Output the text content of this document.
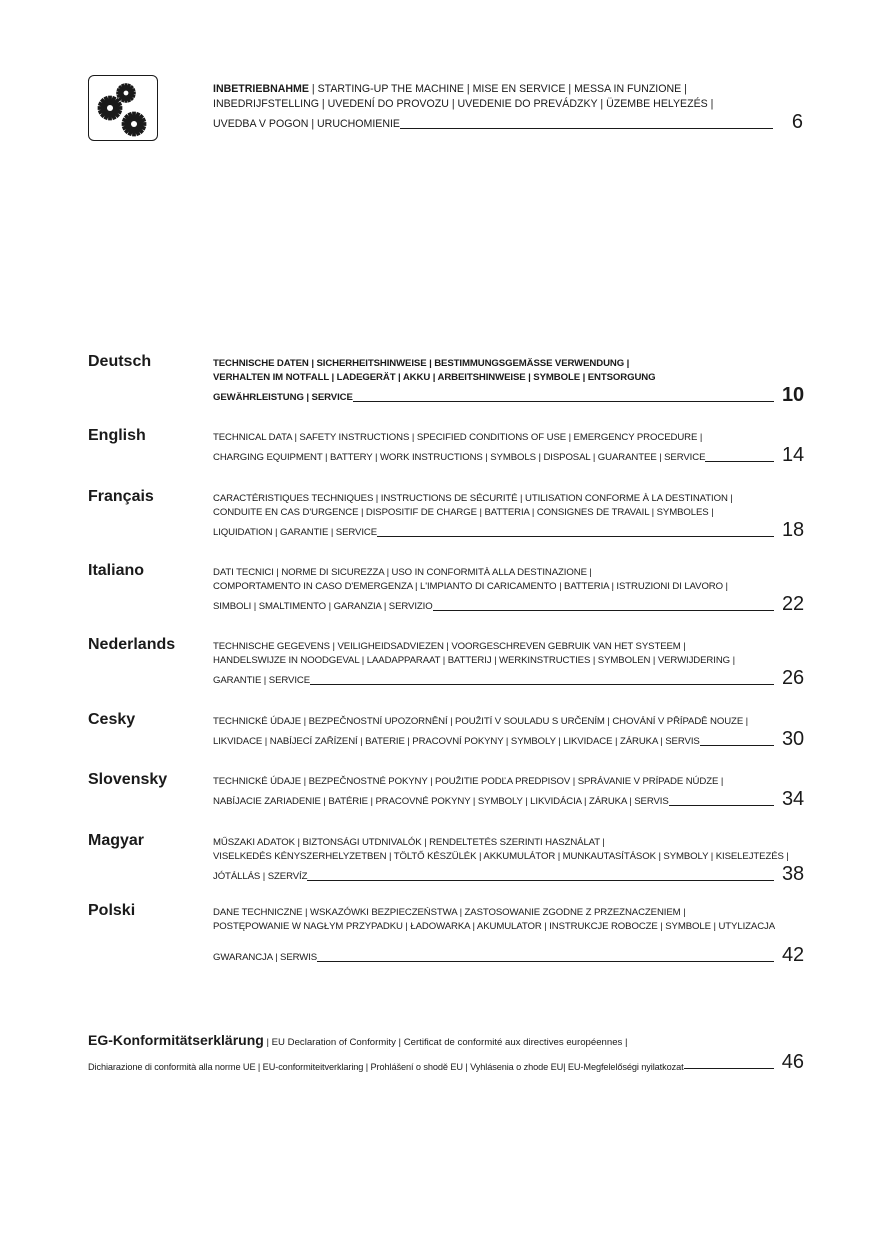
INBETRIEBNAHME | STARTING-UP THE MACHINE | MISE EN SERVICE | MESSA IN FUNZIONE |
INBEDRIJFSTELLING | UVEDENÍ DO PROVOZU | UVEDENIE DO PREVÁDZKY | ÜZEMBE HELYEZÉS |
UVEDBA V POGON | URUCHOMIENIE	6
Deutsch	TECHNISCHE DATEN | SICHERHEITSHINWEISE | BESTIMMUNGSGEMÄSSE VERWENDUNG |
VERHALTEN IM NOTFALL | LADEGERÄT | AKKU | ARBEITSHINWEISE | SYMBOLE | ENTSORGUNG
GEWÄHRLEISTUNG | SERVICE	10
English	TECHNICAL DATA | SAFETY INSTRUCTIONS | SPECIFIED CONDITIONS OF USE | EMERGENCY PROCEDURE |
CHARGING EQUIPMENT | BATTERY | WORK INSTRUCTIONS | SYMBOLS | DISPOSAL | GUARANTEE | SERVICE	14
Français	CARACTÉRISTIQUES TECHNIQUES | INSTRUCTIONS DE SÉCURITÉ | UTILISATION CONFORME À LA DESTINATION |
CONDUITE EN CAS D'URGENCE | DISPOSITIF DE CHARGE | BATTERIA | CONSIGNES DE TRAVAIL | SYMBOLES |
LIQUIDATION | GARANTIE | SERVICE	18
Italiano	DATI TECNICI | NORME DI SICUREZZA | USO IN CONFORMITÀ ALLA DESTINAZIONE |
COMPORTAMENTO IN CASO D'EMERGENZA | L'IMPIANTO DI CARICAMENTO | BATTERIA | ISTRUZIONI DI LAVORO |
SIMBOLI | SMALTIMENTO | GARANZIA | SERVIZIO	22
Nederlands	TECHNISCHE GEGEVENS | VEILIGHEIDSADVIEZEN | VOORGESCHREVEN GEBRUIK VAN HET SYSTEEM |
HANDELSWIJZE IN NOODGEVAL | LAADAPPARAAT | BATTERIJ | WERKINSTRUCTIES | SYMBOLEN | VERWIJDERING |
GARANTIE | SERVICE	26
Cesky	TECHNICKÉ ÚDAJE | BEZPEČNOSTNÍ UPOZORNĚNÍ | POUŽITÍ V SOULADU S URČENÍM | CHOVÁNÍ V PŘÍPADĚ NOUZE |
LIKVIDACE | NABÍJECÍ ZAŘÍZENÍ | BATERIE | PRACOVNÍ POKYNY | SYMBOLY | LIKVIDACE | ZÁRUKA | SERVIS	30
Slovensky	TECHNICKÉ ÚDAJE | BEZPEČNOSTNÉ POKYNY | POUŽITIE PODĽA PREDPISOV | SPRÁVANIE V PRÍPADE NÚDZE |
NABÍJACIE ZARIADENIE | BATÉRIE | PRACOVNÉ POKYNY | SYMBOLY | LIKVIDÁCIA | ZÁRUKA | SERVIS	34
Magyar	MŰSZAKI ADATOK | BIZTONSÁGI UTDNIVALÓK | RENDELTETÉS SZERINTI HASZNÁLAT |
VISELKEDÉS KÉNYSZERHELYZETBEN | TÖLTŐ KÉSZÜLÉK | AKKUMULÁTOR | MUNKAUTASÍTÁSOK | SYMBOLY | KISELEJTEZÉS |
JÓTÁLLÁS | SZERVÍZ	38
Polski	DANE TECHNICZNE | WSKAZÓWKI BEZPIECZEŃSTWA | ZASTOSOWANIE ZGODNE Z PRZEZNACZENIEM |
POSTĘPOWANIE W NAGŁYM PRZYPADKU | ŁADOWARKA | AKUMULATOR | INSTRUKCJE ROBOCZE | SYMBOLE | UTYLIZACJA
GWARANCJA | SERWIS	42
EG-Konformitätserklärung | EU Declaration of Conformity | Certificat de conformité aux directives européennes |
Dichiarazione di conformità alla norme UE | EU-conformiteitverklaring | Prohlášení o shodě EU | Vyhlásenia o zhode EU| EU-Megfelelőségi nyilatkozat	46
